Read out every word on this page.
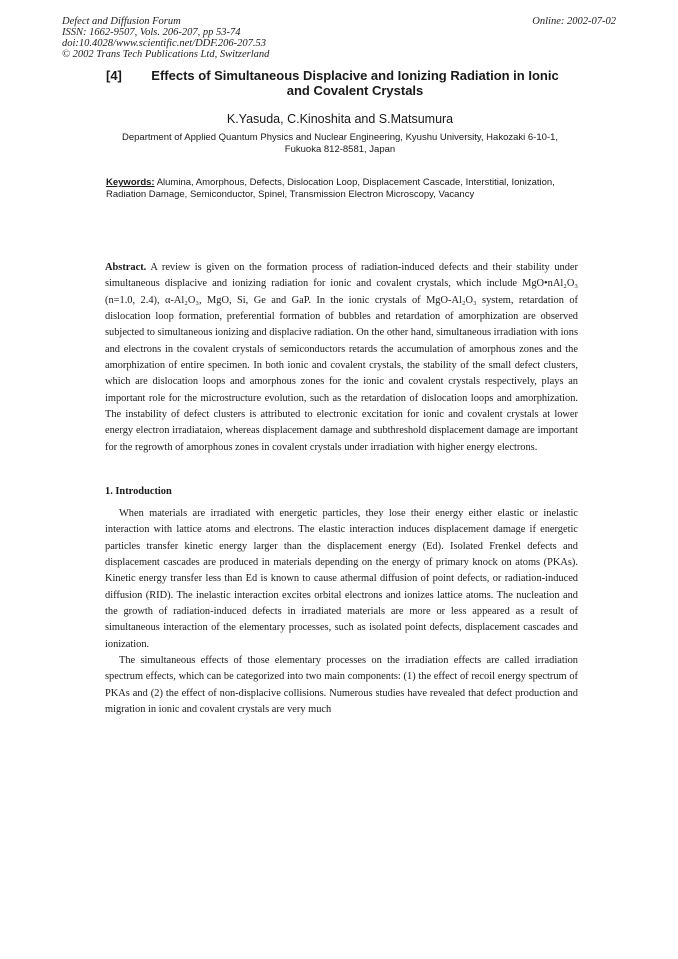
Defect and Diffusion Forum
ISSN: 1662-9507, Vols. 206-207, pp 53-74
doi:10.4028/www.scientific.net/DDF.206-207.53
© 2002 Trans Tech Publications Ltd, Switzerland
Online: 2002-07-02
[4] Effects of Simultaneous Displacive and Ionizing Radiation in Ionic and Covalent Crystals
K.Yasuda, C.Kinoshita and S.Matsumura
Department of Applied Quantum Physics and Nuclear Engineering, Kyushu University, Hakozaki 6-10-1, Fukuoka 812-8581, Japan
Keywords: Alumina, Amorphous, Defects, Dislocation Loop, Displacement Cascade, Interstitial, Ionization, Radiation Damage, Semiconductor, Spinel, Transmission Electron Microscopy, Vacancy
Abstract. A review is given on the formation process of radiation-induced defects and their stability under simultaneous displacive and ionizing radiation for ionic and covalent crystals, which include MgO•nAl₂O₃ (n=1.0, 2.4), α-Al₂O₃, MgO, Si, Ge and GaP. In the ionic crystals of MgO-Al₂O₃ system, retardation of dislocation loop formation, preferential formation of bubbles and retardation of amorphization are observed subjected to simultaneous ionizing and displacive radiation. On the other hand, simultaneous irradiation with ions and electrons in the covalent crystals of semiconductors retards the accumulation of amorphous zones and the amorphization of entire specimen. In both ionic and covalent crystals, the stability of the small defect clusters, which are dislocation loops and amorphous zones for the ionic and covalent crystals respectively, plays an important role for the microstructure evolution, such as the retardation of dislocation loops and amorphization. The instability of defect clusters is attributed to electronic excitation for ionic and covalent crystals at lower energy electron irradiataion, whereas displacement damage and subthreshold displacement damage are important for the regrowth of amorphous zones in covalent crystals under irradiation with higher energy electrons.
1. Introduction
When materials are irradiated with energetic particles, they lose their energy either elastic or inelastic interaction with lattice atoms and electrons. The elastic interaction induces displacement damage if energetic particles transfer kinetic energy larger than the displacement energy (Ed). Isolated Frenkel defects and displacement cascades are produced in materials depending on the energy of primary knock on atoms (PKAs). Kinetic energy transfer less than Ed is known to cause athermal diffusion of point defects, or radiation-induced diffusion (RID). The inelastic interaction excites orbital electrons and ionizes lattice atoms. The nucleation and the growth of radiation-induced defects in irradiated materials are more or less appeared as a result of simultaneous interaction of the elementary processes, such as isolated point defects, displacement cascades and ionization.
The simultaneous effects of those elementary processes on the irradiation effects are called irradiation spectrum effects, which can be categorized into two main components: (1) the effect of recoil energy spectrum of PKAs and (2) the effect of non-displacive collisions. Numerous studies have revealed that defect production and migration in ionic and covalent crystals are very much
